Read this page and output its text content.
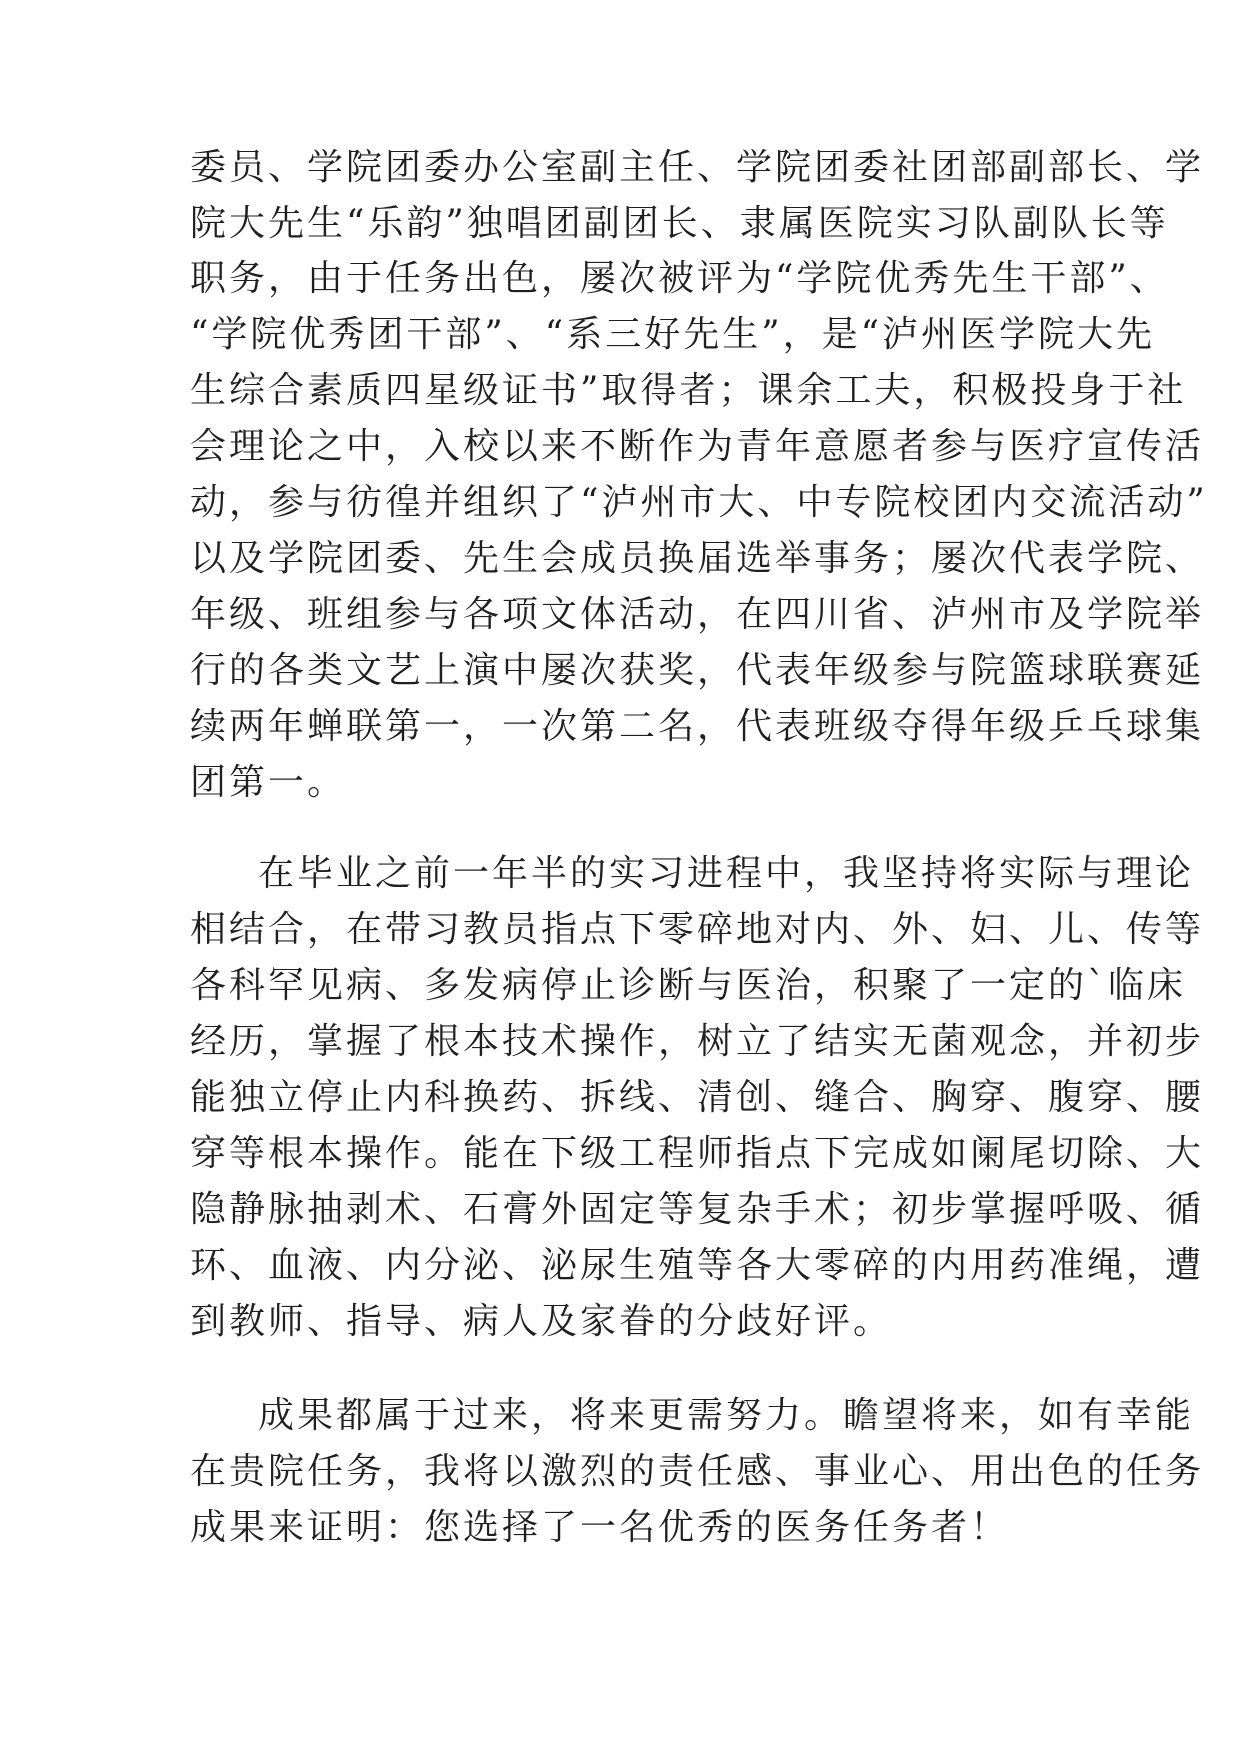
委员、学院团委办公室副主任、学院团委社团部副部长、学
院大先生“乐韵”独唱团副团长、隶属医院实习队副队长等
职务，由于任务出色，屡次被评为“学院优秀先生干部”、
“学院优秀团干部”、“系三好先生”，是“泸州医学院大先
生综合素质四星级证书”取得者；课余工夫，积极投身于社
会理论之中，入校以来不断作为青年意愿者参与医疗宣传活
动，参与彷徨并组织了“泸州市大、中专院校团内交流活动”
以及学院团委、先生会成员换届选举事务；屡次代表学院、
年级、班组参与各项文体活动，在四川省、泸州市及学院举
行的各类文艺上演中屡次获奖，代表年级参与院篮球联赛延
续两年蝉联第一，一次第二名，代表班级夺得年级乒乓球集
团第一。
在毕业之前一年半的实习进程中，我坚持将实际与理论
相结合，在带习教员指点下零碎地对内、外、妇、儿、传等
各科罕见病、多发病停止诊断与医治，积聚了一定的`临床
经历，掌握了根本技术操作，树立了结实无菌观念，并初步
能独立停止内科换药、拆线、清创、缝合、胸穿、腹穿、腰
穿等根本操作。能在下级工程师指点下完成如阑尾切除、大
隐静脉抽剥术、石膏外固定等复杂手术；初步掌握呼吸、循
环、血液、内分泌、泌尿生殖等各大零碎的内用药准绳，遭
到教师、指导、病人及家眷的分歧好评。
成果都属于过来，将来更需努力。瞻望将来，如有幸能
在贵院任务，我将以激烈的责任感、事业心、用出色的任务
成果来证明：您选择了一名优秀的医务任务者！
